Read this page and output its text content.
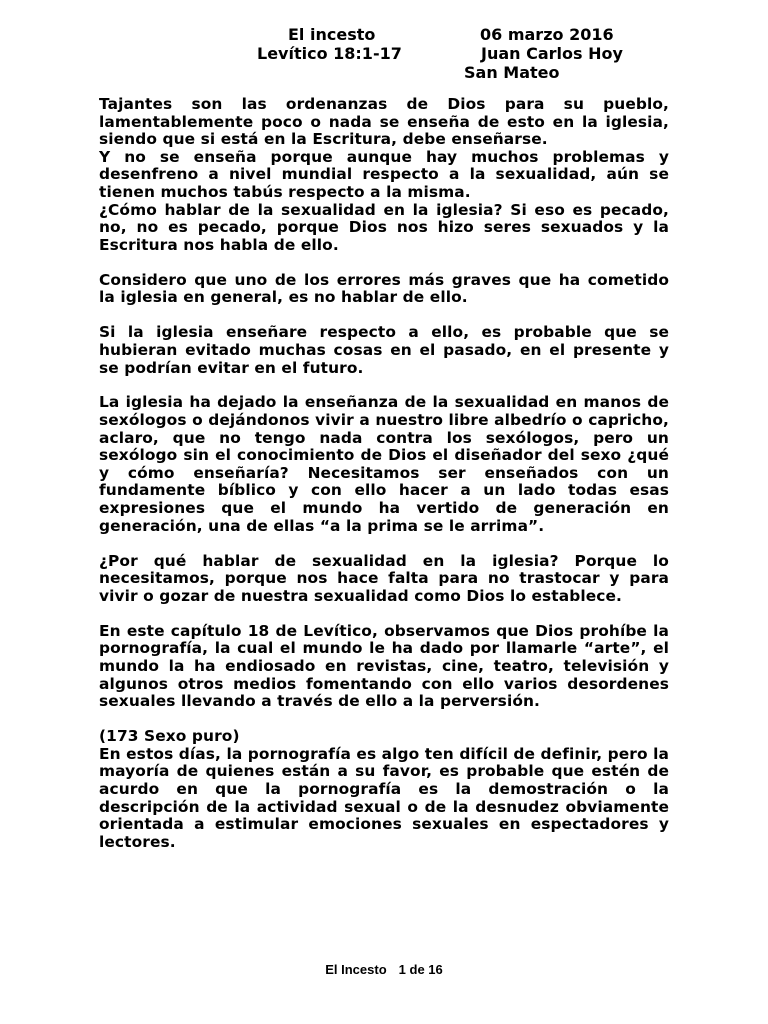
El incesto	06 marzo 2016
Levítico 18:1-17	Juan Carlos Hoy
San Mateo

Tajantes son las ordenanzas de Dios para su pueblo, lamentablemente poco o nada se enseña de esto en la iglesia, siendo que si está en la Escritura, debe enseñarse.

Y no se enseña porque aunque hay muchos problemas y desenfreno a nivel mundial respecto a la sexualidad, aún se tienen muchos tabús respecto a la misma.

¿Cómo hablar de la sexualidad en la iglesia? Si eso es pecado, no, no es pecado, porque Dios nos hizo seres sexuados y la Escritura nos habla de ello.

Considero que uno de los errores más graves que ha cometido la iglesia en general, es no hablar de ello.

Si la iglesia enseñare respecto a ello, es probable que se hubieran evitado muchas cosas en el pasado, en el presente y se podrían evitar en el futuro.

La iglesia ha dejado la enseñanza de la sexualidad en manos de sexólogos o dejándonos vivir a nuestro libre albedrío o capricho, aclaro, que no tengo nada contra los sexólogos, pero un sexólogo sin el conocimiento de Dios el diseñador del sexo ¿qué y cómo enseñaría? Necesitamos ser enseñados con un fundamente bíblico y con ello hacer a un lado todas esas expresiones que el mundo ha vertido de generación en generación, una de ellas “a la prima se le arrima”.

¿Por qué hablar de sexualidad en la iglesia? Porque lo necesitamos, porque nos hace falta para no trastocar y para vivir o gozar de nuestra sexualidad como Dios lo establece.

En este capítulo 18 de Levítico, observamos que Dios prohíbe la pornografía, la cual el mundo le ha dado por llamarle “arte”, el mundo la ha endiosado en revistas, cine, teatro, televisión y algunos otros medios fomentando con ello varios desordenes sexuales llevando a través de ello a la perversión.

(173 Sexo puro)

En estos días, la pornografía es algo ten difícil de definir, pero la mayoría de quienes están a su favor, es probable que estén de acurdo en que la pornografía es la demostración o la descripción de la actividad sexual o de la desnudez obviamente orientada a estimular emociones sexuales en espectadores y lectores.

El Incesto 1 de 16
